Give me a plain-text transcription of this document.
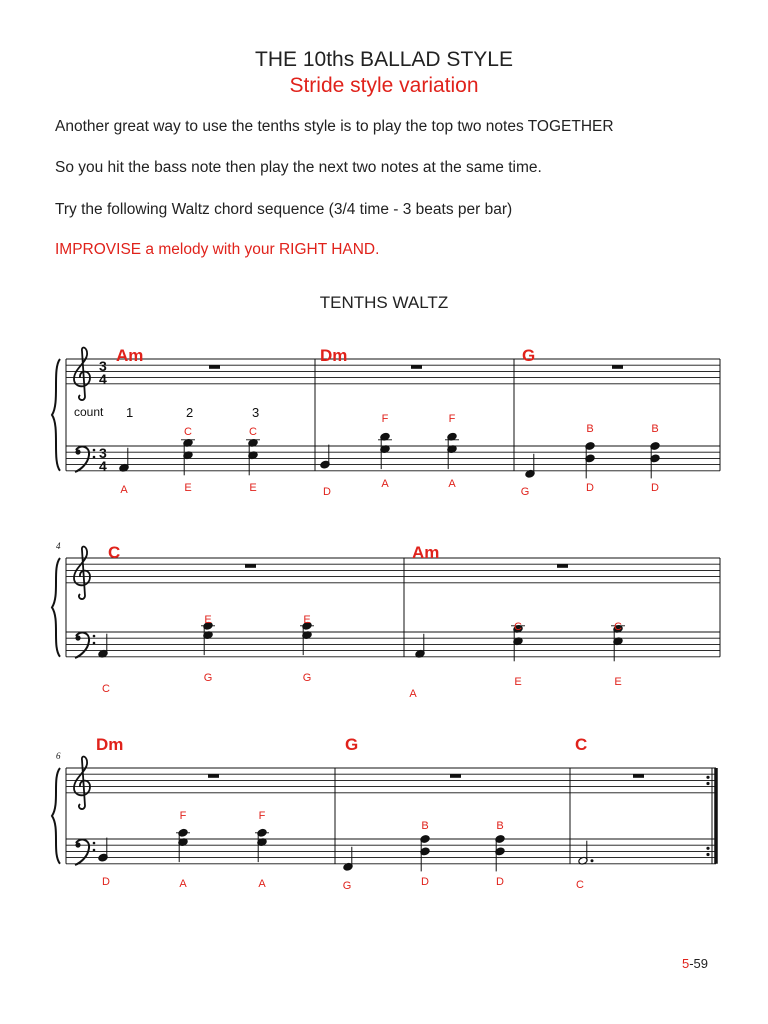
THE 10ths BALLAD STYLE
Stride style variation
Another great way to use the tenths style is to play the top two notes TOGETHER
So you hit the bass note then play the next two notes at the same time.
Try the following Waltz chord sequence (3/4 time - 3 beats per bar)
IMPROVISE a melody with your RIGHT HAND.
TENTHS WALTZ
3
4
3
4
Am	Dm	G
A
C
E
C
E	D
F
A
F
A
G
B
D
B
D
count 1	2	3
C	Am
4
C
E
G
E
G
A
C
E
C
E
Dm	G	C
6
D
F
A
F
A	G
B
D
B
D	C
5-59
